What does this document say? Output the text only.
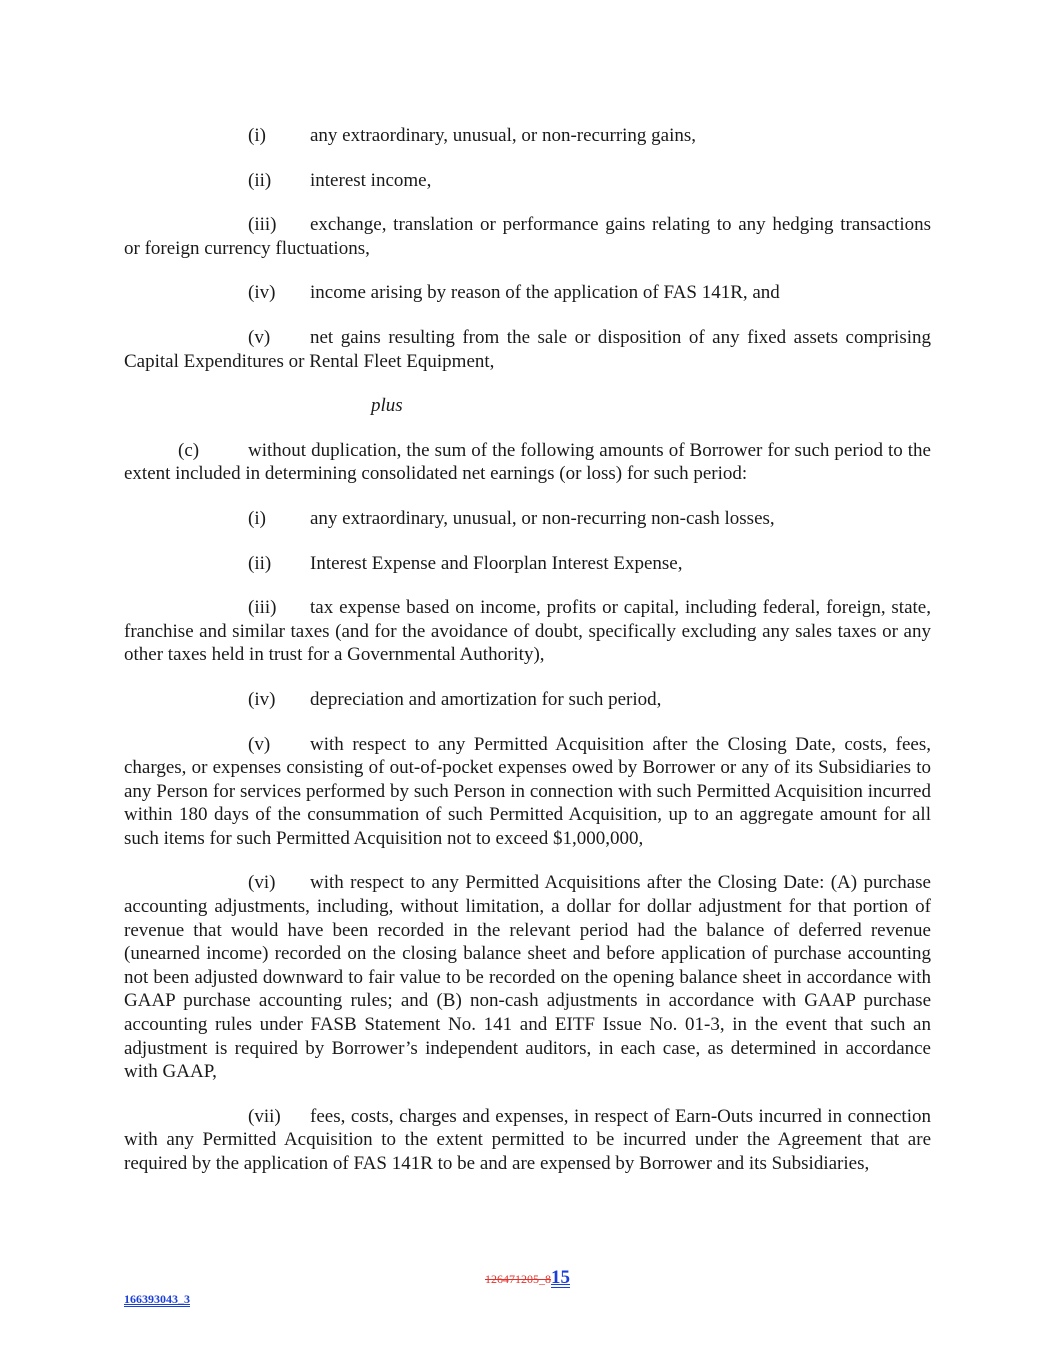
(i) any extraordinary, unusual, or non-recurring gains,

(ii) interest income,

(iii) exchange, translation or performance gains relating to any hedging transactions or foreign currency fluctuations,

(iv) income arising by reason of the application of FAS 141R, and

(v) net gains resulting from the sale or disposition of any fixed assets comprising Capital Expenditures or Rental Fleet Equipment,

plus

(c)	without duplication, the sum of the following amounts of Borrower for such period to the extent included in determining consolidated net earnings (or loss) for such period:

(i) any extraordinary, unusual, or non-recurring non-cash losses,

(ii) Interest Expense and Floorplan Interest Expense,

(iii) tax expense based on income, profits or capital, including federal, foreign, state, franchise and similar taxes (and for the avoidance of doubt, specifically excluding any sales taxes or any other taxes held in trust for a Governmental Authority),

(iv) depreciation and amortization for such period,

(v) with respect to any Permitted Acquisition after the Closing Date, costs, fees, charges, or expenses consisting of out-of-pocket expenses owed by Borrower or any of its Subsidiaries to any Person for services performed by such Person in connection with such Permitted Acquisition incurred within 180 days of the consummation of such Permitted Acquisition, up to an aggregate amount for all such items for such Permitted Acquisition not to exceed $1,000,000,

(vi) with respect to any Permitted Acquisitions after the Closing Date: (A) purchase accounting adjustments, including, without limitation, a dollar for dollar adjustment for that portion of revenue that would have been recorded in the relevant period had the balance of deferred revenue (unearned income) recorded on the closing balance sheet and before application of purchase accounting not been adjusted downward to fair value to be recorded on the opening balance sheet in accordance with GAAP purchase accounting rules; and (B) non-cash adjustments in accordance with GAAP purchase accounting rules under FASB Statement No. 141 and EITF Issue No. 01-3, in the event that such an adjustment is required by Borrower’s independent auditors, in each case, as determined in accordance with GAAP,

(vii) fees, costs, charges and expenses, in respect of Earn-Outs incurred in connection with any Permitted Acquisition to the extent permitted to be incurred under the Agreement that are required by the application of FAS 141R to be and are expensed by Borrower and its Subsidiaries,

126471205_815
166393043_3
